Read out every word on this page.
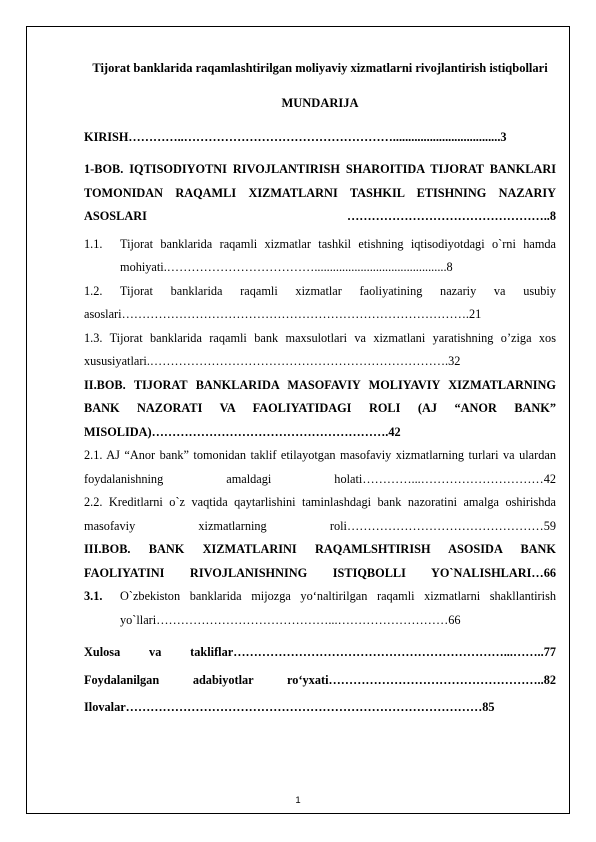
Tijorat banklarida raqamlashtirilgan moliyaviy xizmatlarni rivojlantirish istiqbollari
MUNDARIJA
KIRISH…………..……………………………………………...................................3
1-BOB. IQTISODIYOTNI RIVOJLANTIRISH SHAROITIDA TIJORAT BANKLARI TOMONIDAN RAQAMLI XIZMATLARNI TASHKIL ETISHNING NAZARIY ASOSLARI …………………………………………..8
1.1.	Tijorat banklarida raqamli xizmatlar tashkil etishning iqtisodiyotdagi o`rni hamda mohiyati.………………………………...........................................8
1.2. Tijorat banklarida raqamli xizmatlar faoliyatining nazariy va usubiy asoslari………………………………………………………………………….21
1.3. Tijorat banklarida raqamli bank maxsulotlari va xizmatlani yaratishning o’ziga xos xususiyatlari.……………………………………………………………….32
II.BOB. TIJORAT BANKLARIDA MASOFAVIY MOLIYAVIY XIZMATLARNING BANK NAZORATI VA FAOLIYATIDAGI ROLI (AJ “ANOR BANK” MISOLIDA)………………………………………………….42
2.1. AJ “Anor bank” tomonidan taklif etilayotgan masofaviy xizmatlarning turlari va ulardan foydalanishning amaldagi holati…………...…………………………42
2.2. Kreditlarni o`z vaqtida qaytarlishini taminlashdagi bank nazoratini amalga oshirishda masofaviy xizmatlarning roli…………………………………………59
III.BOB. BANK XIZMATLARINI RAQAMLSHTIRISH ASOSIDA BANK FAOLIYATINI RIVOJLANISHNING ISTIQBOLLI YO`NALISHLARI…66
3.1.	O`zbekiston banklarida mijozga yo‘naltirilgan raqamli xizmatlarni shakllantirish yo`llari……………………………………...………………………66
Xulosa va takliflar…………………………………………………………...……..77
Foydalanilgan adabiyotlar ro‘yxati……………………………………………..82
Ilovalar……………………………………………………………………………85
1
